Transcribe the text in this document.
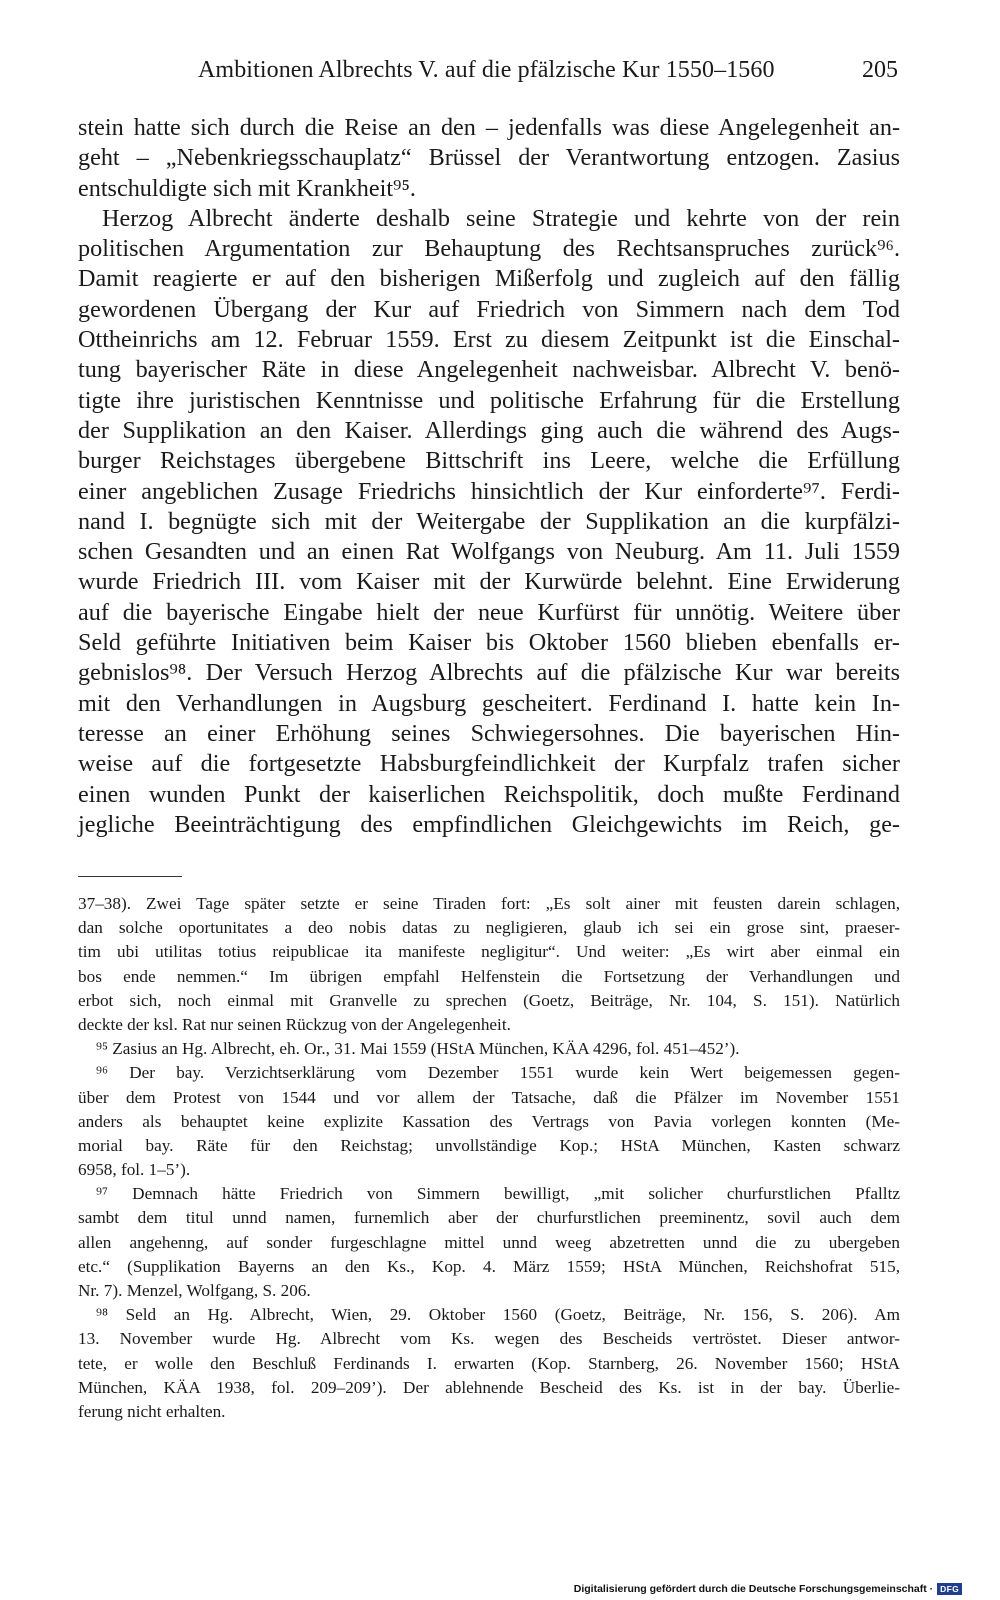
Ambitionen Albrechts V. auf die pfälzische Kur 1550–1560	205
stein hatte sich durch die Reise an den – jedenfalls was diese Angelegenheit an-
geht – „Nebenkriegsschauplatz“ Brüssel der Verantwortung entzogen. Zasius
entschuldigte sich mit Krankheit⁹⁵.
Herzog Albrecht änderte deshalb seine Strategie und kehrte von der rein
politischen Argumentation zur Behauptung des Rechtsanspruches zurück⁹⁶.
Damit reagierte er auf den bisherigen Mißerfolg und zugleich auf den fällig
gewordenen Übergang der Kur auf Friedrich von Simmern nach dem Tod
Ottheinrichs am 12. Februar 1559. Erst zu diesem Zeitpunkt ist die Einschal-
tung bayerischer Räte in diese Angelegenheit nachweisbar. Albrecht V. benö-
tigte ihre juristischen Kenntnisse und politische Erfahrung für die Erstellung
der Supplikation an den Kaiser. Allerdings ging auch die während des Augs-
burger Reichstages übergebene Bittschrift ins Leere, welche die Erfüllung
einer angeblichen Zusage Friedrichs hinsichtlich der Kur einforderte⁹⁷. Ferdi-
nand I. begnügte sich mit der Weitergabe der Supplikation an die kurpfälzi-
schen Gesandten und an einen Rat Wolfgangs von Neuburg. Am 11. Juli 1559
wurde Friedrich III. vom Kaiser mit der Kurwürde belehnt. Eine Erwiderung
auf die bayerische Eingabe hielt der neue Kurfürst für unnötig. Weitere über
Seld geführte Initiativen beim Kaiser bis Oktober 1560 blieben ebenfalls er-
gebnislos⁹⁸. Der Versuch Herzog Albrechts auf die pfälzische Kur war bereits
mit den Verhandlungen in Augsburg gescheitert. Ferdinand I. hatte kein In-
teresse an einer Erhöhung seines Schwiegersohnes. Die bayerischen Hin-
weise auf die fortgesetzte Habsburgfeindlichkeit der Kurpfalz trafen sicher
einen wunden Punkt der kaiserlichen Reichspolitik, doch mußte Ferdinand
jegliche Beeinträchtigung des empfindlichen Gleichgewichts im Reich, ge-
37–38). Zwei Tage später setzte er seine Tiraden fort: „Es solt ainer mit feusten darein schlagen,
dan solche oportunitates a deo nobis datas zu negligieren, glaub ich sei ein grose sint, praeser-
tim ubi utilitas totius reipublicae ita manifeste negligitur“. Und weiter: „Es wirt aber einmal ein
bos ende nemmen.“ Im übrigen empfahl Helfenstein die Fortsetzung der Verhandlungen und
erbot sich, noch einmal mit Granvelle zu sprechen (Goetz, Beiträge, Nr. 104, S. 151). Natürlich
deckte der ksl. Rat nur seinen Rückzug von der Angelegenheit.
⁹⁵ Zasius an Hg. Albrecht, eh. Or., 31. Mai 1559 (HStA München, KÄA 4296, fol. 451–452’).
⁹⁶ Der bay. Verzichtserklärung vom Dezember 1551 wurde kein Wert beigemessen gegen-
über dem Protest von 1544 und vor allem der Tatsache, daß die Pfälzer im November 1551
anders als behauptet keine explizite Kassation des Vertrags von Pavia vorlegen konnten (Me-
morial bay. Räte für den Reichstag; unvollständige Kop.; HStA München, Kasten schwarz
6958, fol. 1–5’).
⁹⁷ Demnach hätte Friedrich von Simmern bewilligt, „mit solicher churfurstlichen Pfalltz
sambt dem titul unnd namen, furnemlich aber der churfurstlichen preeminentz, sovil auch dem
allen angehenng, auf sonder furgeschlagne mittel unnd weeg abzetretten unnd die zu ubergeben
etc.“ (Supplikation Bayerns an den Ks., Kop. 4. März 1559; HStA München, Reichshofrat 515,
Nr. 7). Menzel, Wolfgang, S. 206.
⁹⁸ Seld an Hg. Albrecht, Wien, 29. Oktober 1560 (Goetz, Beiträge, Nr. 156, S. 206). Am
13. November wurde Hg. Albrecht vom Ks. wegen des Bescheids vertröstet. Dieser antwor-
tete, er wolle den Beschluß Ferdinands I. erwarten (Kop. Starnberg, 26. November 1560; HStA
München, KÄA 1938, fol. 209–209’). Der ablehnende Bescheid des Ks. ist in der bay. Überlie-
ferung nicht erhalten.
Digitalisierung gefördert durch die Deutsche Forschungsgemeinschaft · DFG
